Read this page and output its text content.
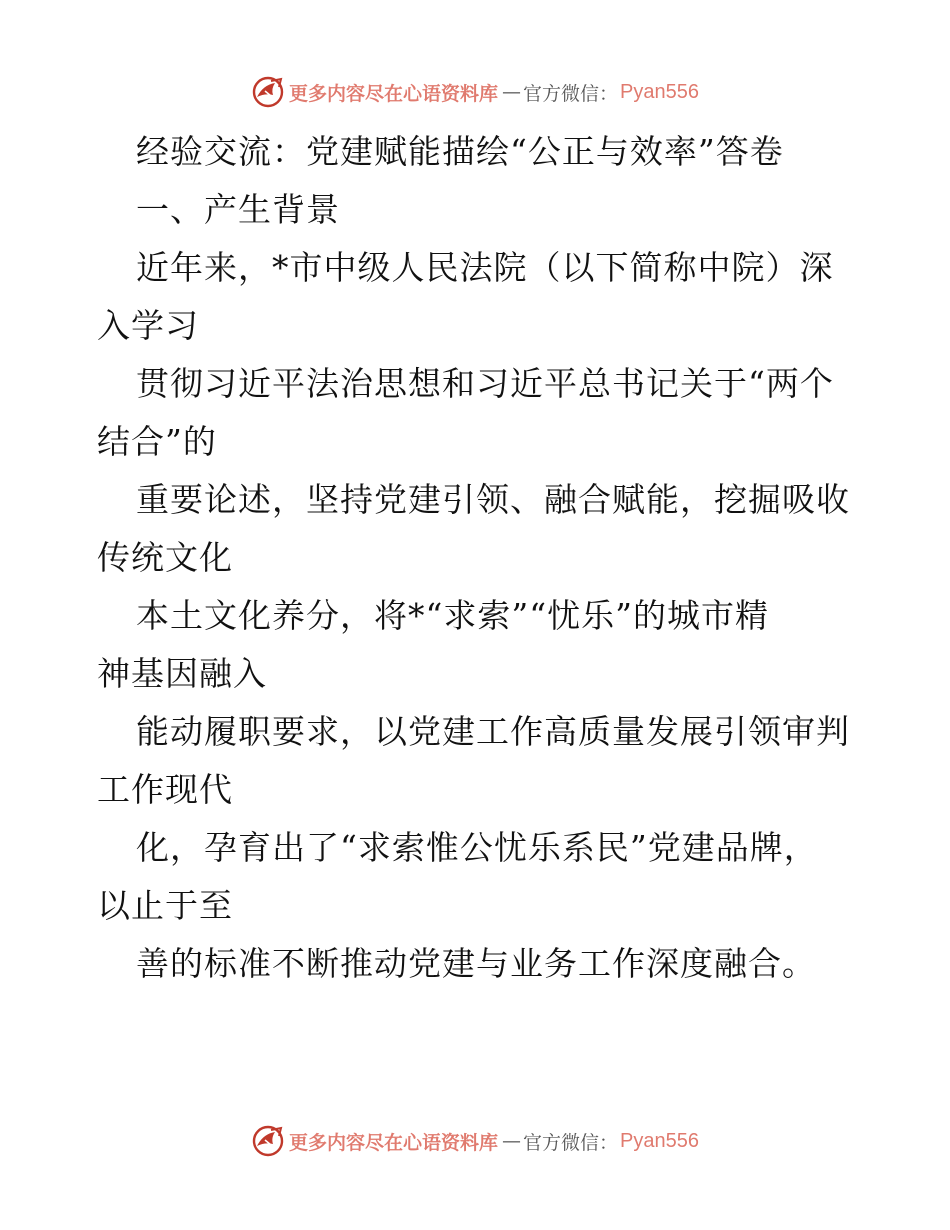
更多内容尽在心语资料库 — 官方微信： Pyan556
经验交流：党建赋能描绘“公正与效率”答卷
一、产生背景
近年来，*市中级人民法院（以下简称中院）深
入学习
贯彻习近平法治思想和习近平总书记关于“两个
结合”的
重要论述，坚持党建引领、融合赋能，挖掘吸收
传统文化
本土文化养分，将*“求索”“忧乐”的城市精
神基因融入
能动履职要求，以党建工作高质量发展引领审判
工作现代
化，孕育出了“求索惟公忧乐系民”党建品牌，
以止于至
善的标准不断推动党建与业务工作深度融合。
更多内容尽在心语资料库 — 官方微信： Pyan556
